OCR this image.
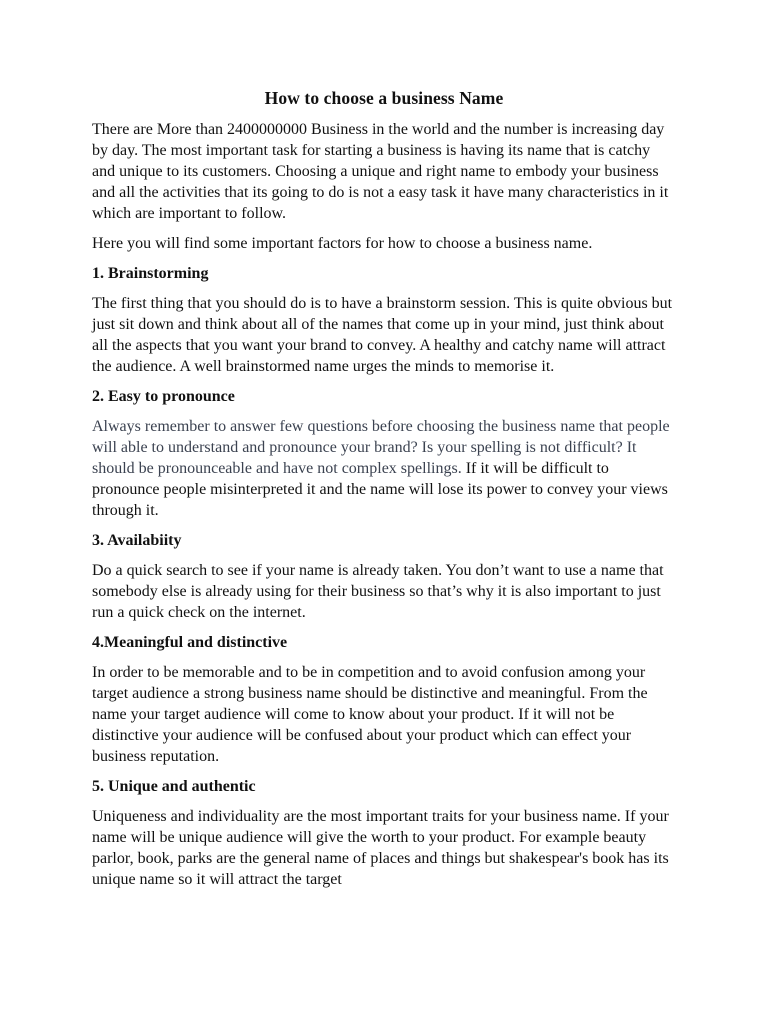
How to choose a business Name

There are More than 2400000000 Business in the world and the number is increasing day by day. The most important task for starting a business is having its name that is catchy and unique to its customers. Choosing a unique and right name to embody your business and all the activities that its going to do is not a easy task it have many characteristics in it which are important to follow.

Here you will find some important factors for how to choose a business name.

1. Brainstorming

The first thing that you should do is to have a brainstorm session. This is quite obvious but just sit down and think about all of the names that come up in your mind, just think about all the aspects that you want your brand to convey. A healthy and catchy name will attract the audience. A well brainstormed name urges the minds to memorise it.

2. Easy to pronounce

Always remember to answer few questions before choosing the business name that people will able to understand and pronounce your brand? Is your spelling is not difficult? It should be pronounceable and have not complex spellings. If it will be difficult to pronounce people misinterpreted it and the name will lose its power to convey your views through it.

3. Availabiity

Do a quick search to see if your name is already taken. You don’t want to use a name that somebody else is already using for their business so that’s why it is also important to just run a quick check on the internet.

4.Meaningful and distinctive

In order to be memorable and to be in competition and to avoid confusion among your target audience a strong business name should be distinctive and meaningful. From the name your target audience will come to know about your product. If it will not be distinctive your audience will be confused about your product which can effect your business reputation.

5. Unique and authentic

Uniqueness and individuality are the most important traits for your business name. If your name will be unique audience will give the worth to your product. For example beauty parlor, book, parks are the general name of places and things but shakespear's book has its unique name so it will attract the target
